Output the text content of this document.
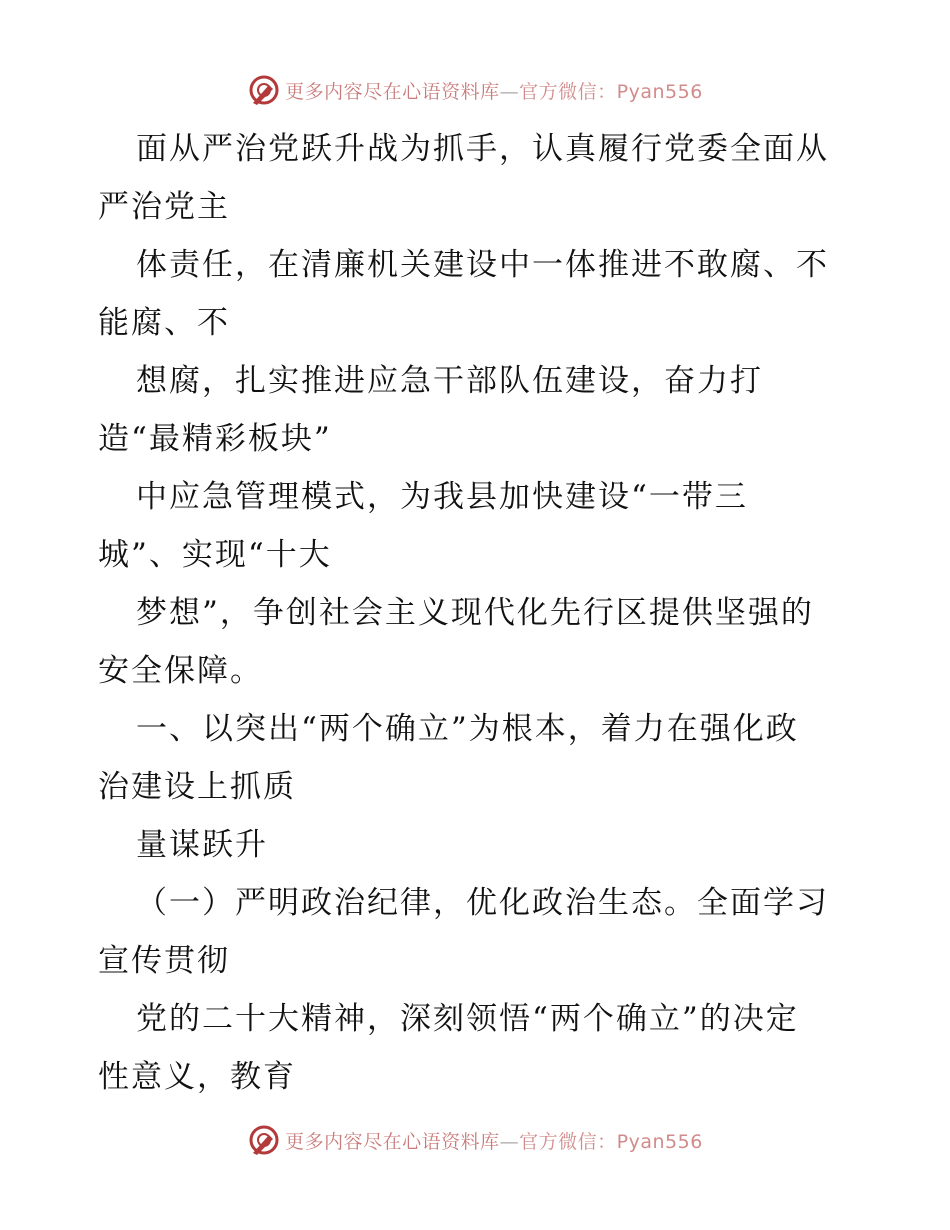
更多内容尽在心语资料库—官方微信：Pyan556
面从严治党跃升战为抓手，认真履行党委全面从
严治党主
体责任，在清廉机关建设中一体推进不敢腐、不
能腐、不
想腐，扎实推进应急干部队伍建设，奋力打
造“最精彩板块”
中应急管理模式，为我县加快建设“一带三
城”、实现“十大
梦想”，争创社会主义现代化先行区提供坚强的
安全保障。
一、以突出“两个确立”为根本，着力在强化政
治建设上抓质
量谋跃升
（一）严明政治纪律，优化政治生态。全面学习
宣传贯彻
党的二十大精神，深刻领悟“两个确立”的决定
性意义，教育
更多内容尽在心语资料库—官方微信：Pyan556
